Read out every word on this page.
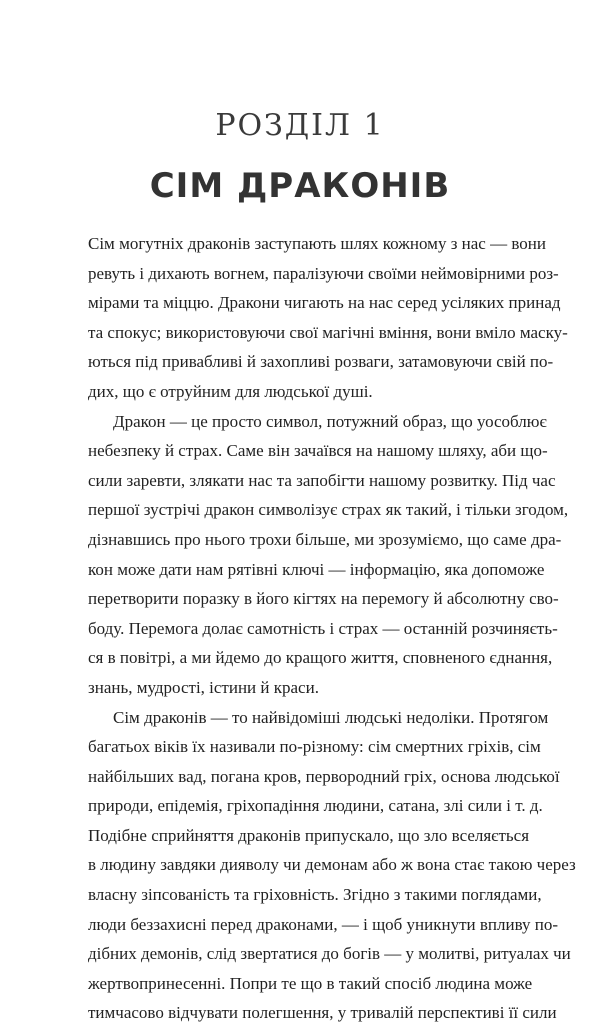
РОЗДІЛ 1
СІМ ДРАКОНІВ
Сім могутніх драконів заступають шлях кожному з нас — вони
ревуть і дихають вогнем, паралізуючи своїми неймовірними роз-
мірами та міццю. Дракони чигають на нас серед усіляких принад
та спокус; використовуючи свої магічні вміння, вони вміло маску-
ються під привабливі й захопливі розваги, затамовуючи свій по-
дих, що є отруйним для людської душі.
Дракон — це просто символ, потужний образ, що уособлює
небезпеку й страх. Саме він зачаївся на нашому шляху, аби що-
сили заревти, злякати нас та запобігти нашому розвитку. Під час
першої зустрічі дракон символізує страх як такий, і тільки згодом,
дізнавшись про нього трохи більше, ми зрозуміємо, що саме дра-
кон може дати нам рятівні ключі — інформацію, яка допоможе
перетворити поразку в його кігтях на перемогу й абсолютну сво-
боду. Перемога долає самотність і страх — останній розчиняєть-
ся в повітрі, а ми йдемо до кращого життя, сповненого єднання,
знань, мудрості, істини й краси.
Сім драконів — то найвідоміші людські недоліки. Протягом
багатьох віків їх називали по-різному: сім смертних гріхів, сім
найбільших вад, погана кров, первородний гріх, основа людської
природи, епідемія, гріхопадіння людини, сатана, злі сили і т. д.
Подібне сприйняття драконів припускало, що зло вселяється
в людину завдяки дияволу чи демонам або ж вона стає такою через
власну зіпсованість та гріховність. Згідно з такими поглядами,
люди беззахисні перед драконами, — і щоб уникнути впливу по-
дібних демонів, слід звертатися до богів — у молитві, ритуалах чи
жертвопринесенні. Попри те що в такий спосіб людина може
тимчасово відчувати полегшення, у тривалій перспективі її сили
